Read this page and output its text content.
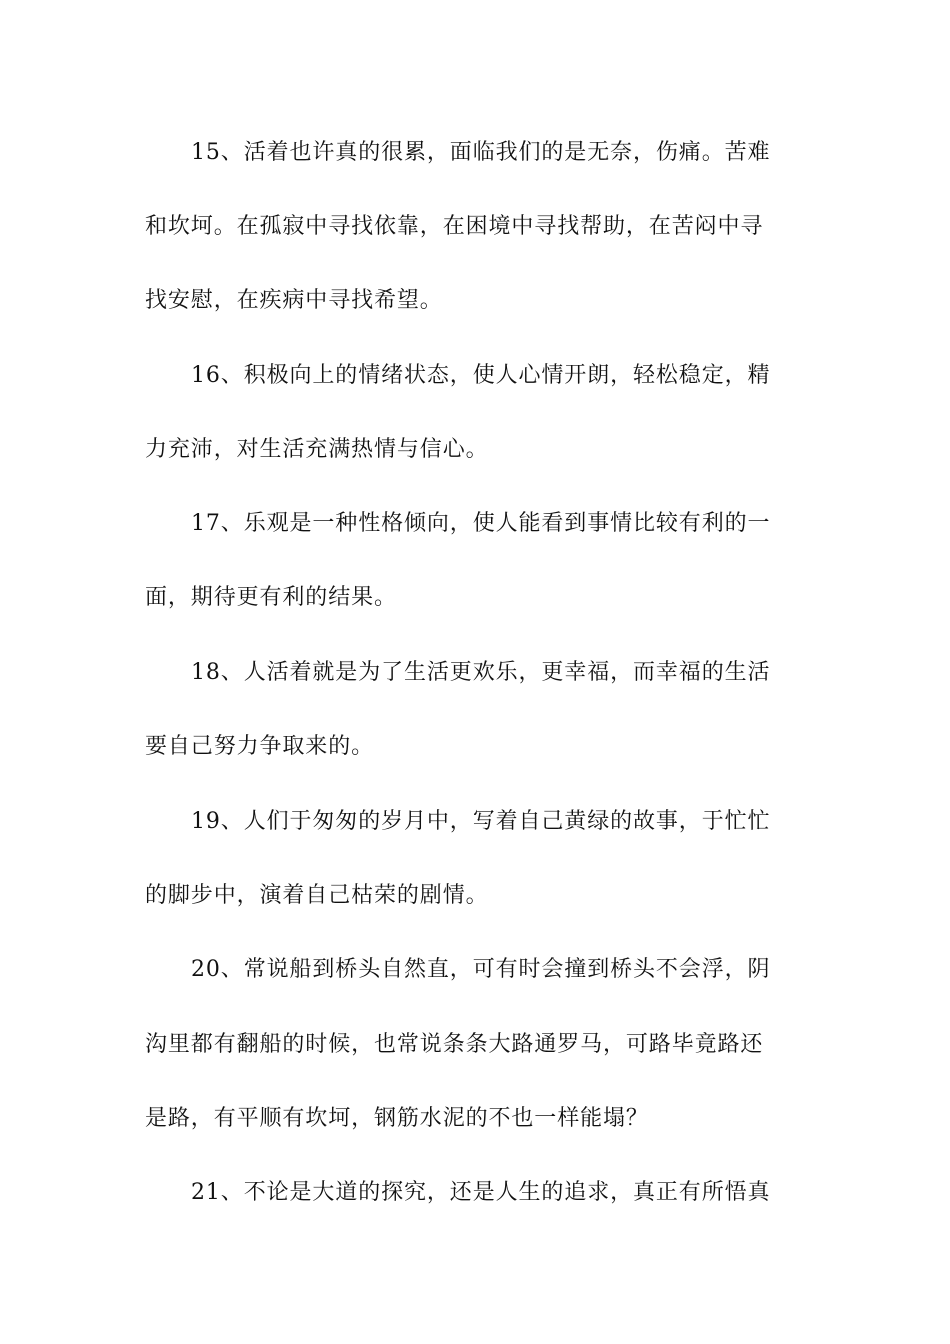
15、活着也许真的很累，面临我们的是无奈，伤痛。苦难
和坎坷。在孤寂中寻找依靠，在困境中寻找帮助，在苦闷中寻
找安慰，在疾病中寻找希望。
16、积极向上的情绪状态，使人心情开朗，轻松稳定，精
力充沛，对生活充满热情与信心。
17、乐观是一种性格倾向，使人能看到事情比较有利的一
面，期待更有利的结果。
18、人活着就是为了生活更欢乐，更幸福，而幸福的生活
要自己努力争取来的。
19、人们于匆匆的岁月中，写着自己黄绿的故事，于忙忙
的脚步中，演着自己枯荣的剧情。
20、常说船到桥头自然直，可有时会撞到桥头不会浮，阴
沟里都有翻船的时候，也常说条条大路通罗马，可路毕竟路还
是路，有平顺有坎坷，钢筋水泥的不也一样能塌？
21、不论是大道的探究，还是人生的追求，真正有所悟真
